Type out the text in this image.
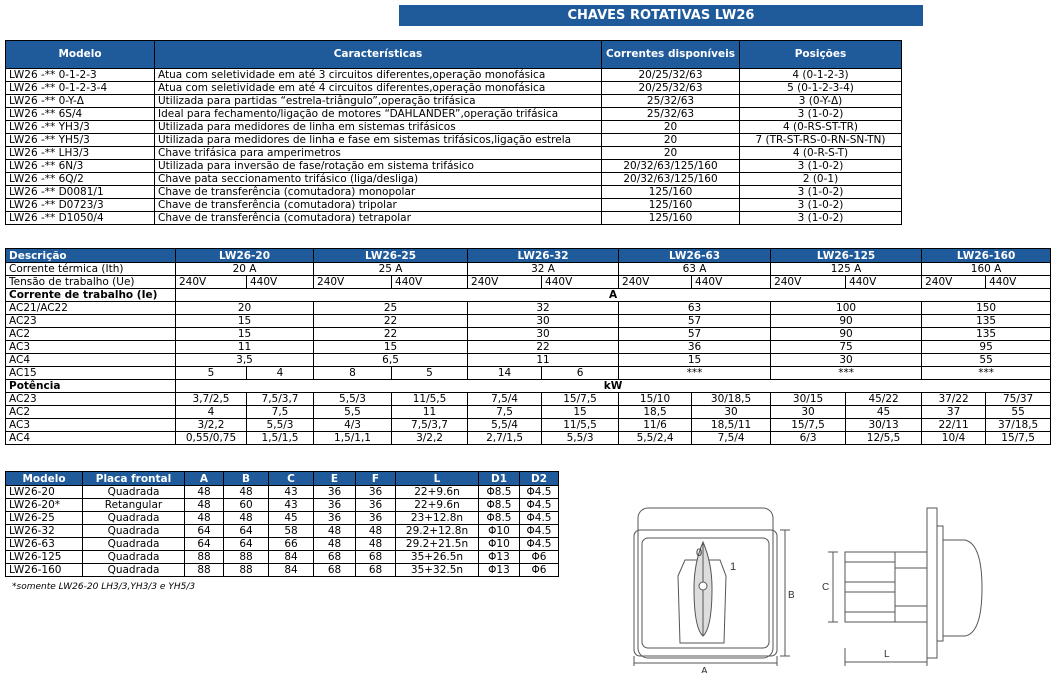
CHAVES ROTATIVAS LW26
Modelo	Características	Correntes disponíveis	Posições
LW26 -** 0-1-2-3	Atua com seletividade em até 3 circuitos diferentes,operação monofásica	20/25/32/63	4 (0-1-2-3)
LW26 -** 0-1-2-3-4	Atua com seletividade em até 4 circuitos diferentes,operação monofásica	20/25/32/63	5 (0-1-2-3-4)
LW26 -** 0-Y-Δ	Utilizada para partidas “estrela-triângulo”,operação trifásica	25/32/63	3 (0-Y-Δ)
LW26 -** 6S/4	Ideal para fechamento/ligação de motores “DAHLANDER”,operação trifásica	25/32/63	3 (1-0-2)
LW26 -** YH3/3	Utilizada para medidores de linha em sistemas trifásicos	20	4 (0-RS-ST-TR)
LW26 -** YH5/3	Utilizada para medidores de linha e fase em sistemas trifásicos,ligação estrela	20	7 (TR-ST-RS-0-RN-SN-TN)
LW26 -** LH3/3	Chave trifásica para amperimetros	20	4 (0-R-S-T)
LW26 -** 6N/3	Utilizada para inversão de fase/rotação em sistema trifásico	20/32/63/125/160	3 (1-0-2)
LW26 -** 6Q/2	Chave pata seccionamento trifásico (liga/desliga)	20/32/63/125/160	2 (0-1)
LW26 -** D0081/1	Chave de transferência (comutadora) monopolar	125/160	3 (1-0-2)
LW26 -** D0723/3	Chave de transferência (comutadora) tripolar	125/160	3 (1-0-2)
LW26 -** D1050/4	Chave de transferência (comutadora) tetrapolar	125/160	3 (1-0-2)
Descrição	LW26-20		LW26-25		LW26-32		LW26-63		LW26-125		LW26-160	
Corrente térmica (Ith)	20 A		25 A		32 A		63 A		125 A		160 A	
Tensão de trabalho (Ue)	240V	440V	240V	440V	240V	440V	240V	440V	240V	440V	240V	440V
Corrente de trabalho (Ie)	A											
AC21/AC22	20		25		32		63		100		150	
AC23	15		22		30		57		90		135	
AC2	15		22		30		57		90		135	
AC3	11		15		22		36		75		95	
AC4	3,5		6,5		11		15		30		55	
AC15	5	4	8	5	14	6	***		***		***	
Potência	kW											
AC23	3,7/2,5	7,5/3,7	5,5/3	11/5,5	7,5/4	15/7,5	15/10	30/18,5	30/15	45/22	37/22	75/37
AC2	4	7,5	5,5	11	7,5	15	18,5	30	30	45	37	55
AC3	3/2,2	5,5/3	4/3	7,5/3,7	5,5/4	11/5,5	11/6	18,5/11	15/7,5	30/13	22/11	37/18,5
AC4	0,55/0,75	1,5/1,5	1,5/1,1	3/2,2	2,7/1,5	5,5/3	5,5/2,4	7,5/4	6/3	12/5,5	10/4	15/7,5
Modelo	Placa frontal	A	B	C	E	F	L	D1	D2
LW26-20	Quadrada	48	48	43	36	36	22+9.6n	Φ8.5	Φ4.5
LW26-20*	Retangular	48	60	43	36	36	22+9.6n	Φ8.5	Φ4.5
LW26-25	Quadrada	48	48	45	36	36	23+12.8n	Φ8.5	Φ4.5
LW26-32	Quadrada	64	64	58	48	48	29.2+12.8n	Φ10	Φ4.5
LW26-63	Quadrada	64	64	66	48	48	29.2+21.5n	Φ10	Φ4.5
LW26-125	Quadrada	88	88	84	68	68	35+26.5n	Φ13	Φ6
LW26-160	Quadrada	88	88	84	68	68	35+32.5n	Φ13	Φ6
*somente LW26-20 LH3/3,YH3/3 e YH5/3
0
1
A
B
C
L
